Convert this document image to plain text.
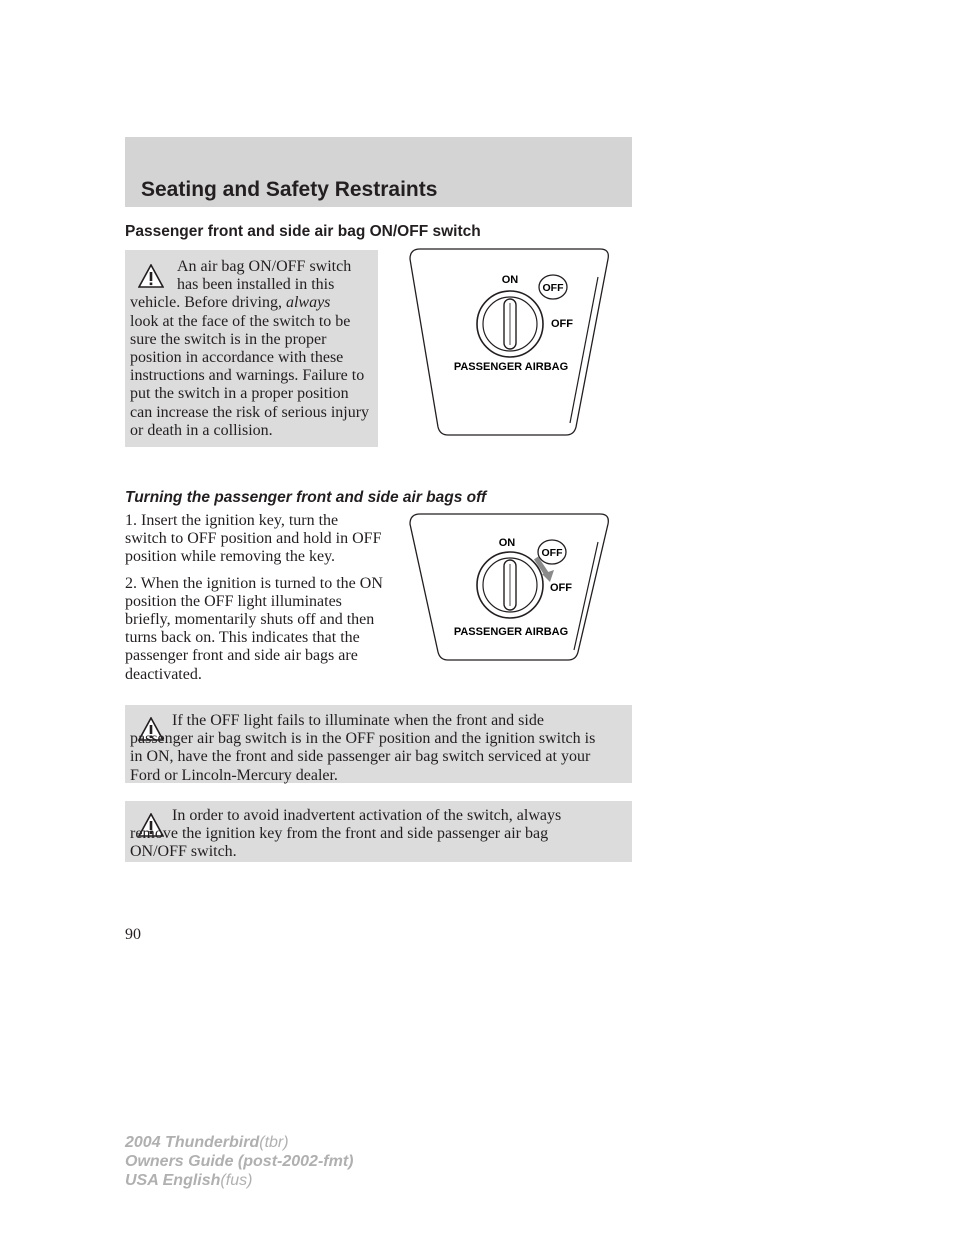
Seating and Safety Restraints
Passenger front and side air bag ON/OFF switch
An air bag ON/OFF switch
has been installed in this
vehicle. Before driving, always
look at the face of the switch to be sure the switch is in the proper position in accordance with these instructions and warnings. Failure to put the switch in a proper position can increase the risk of serious injury or death in a collision.
ON
OFF
OFF
PASSENGER AIRBAG
Turning the passenger front and side air bags off

1. Insert the ignition key, turn the switch to OFF position and hold in OFF position while removing the key.

2. When the ignition is turned to the ON position the OFF light illuminates briefly, momentarily shuts off and then turns back on. This indicates that the passenger front and side air bags are deactivated.

ON
OFF
OFF
PASSENGER AIRBAG
If the OFF light fails to illuminate when the front and side passenger air bag switch is in the OFF position and the ignition switch is in ON, have the front and side passenger air bag switch serviced at your Ford or Lincoln-Mercury dealer.
In order to avoid inadvertent activation of the switch, always remove the ignition key from the front and side passenger air bag ON/OFF switch.
90
2004 Thunderbird(tbr)
Owners Guide (post-2002-fmt)
USA English(fus)
